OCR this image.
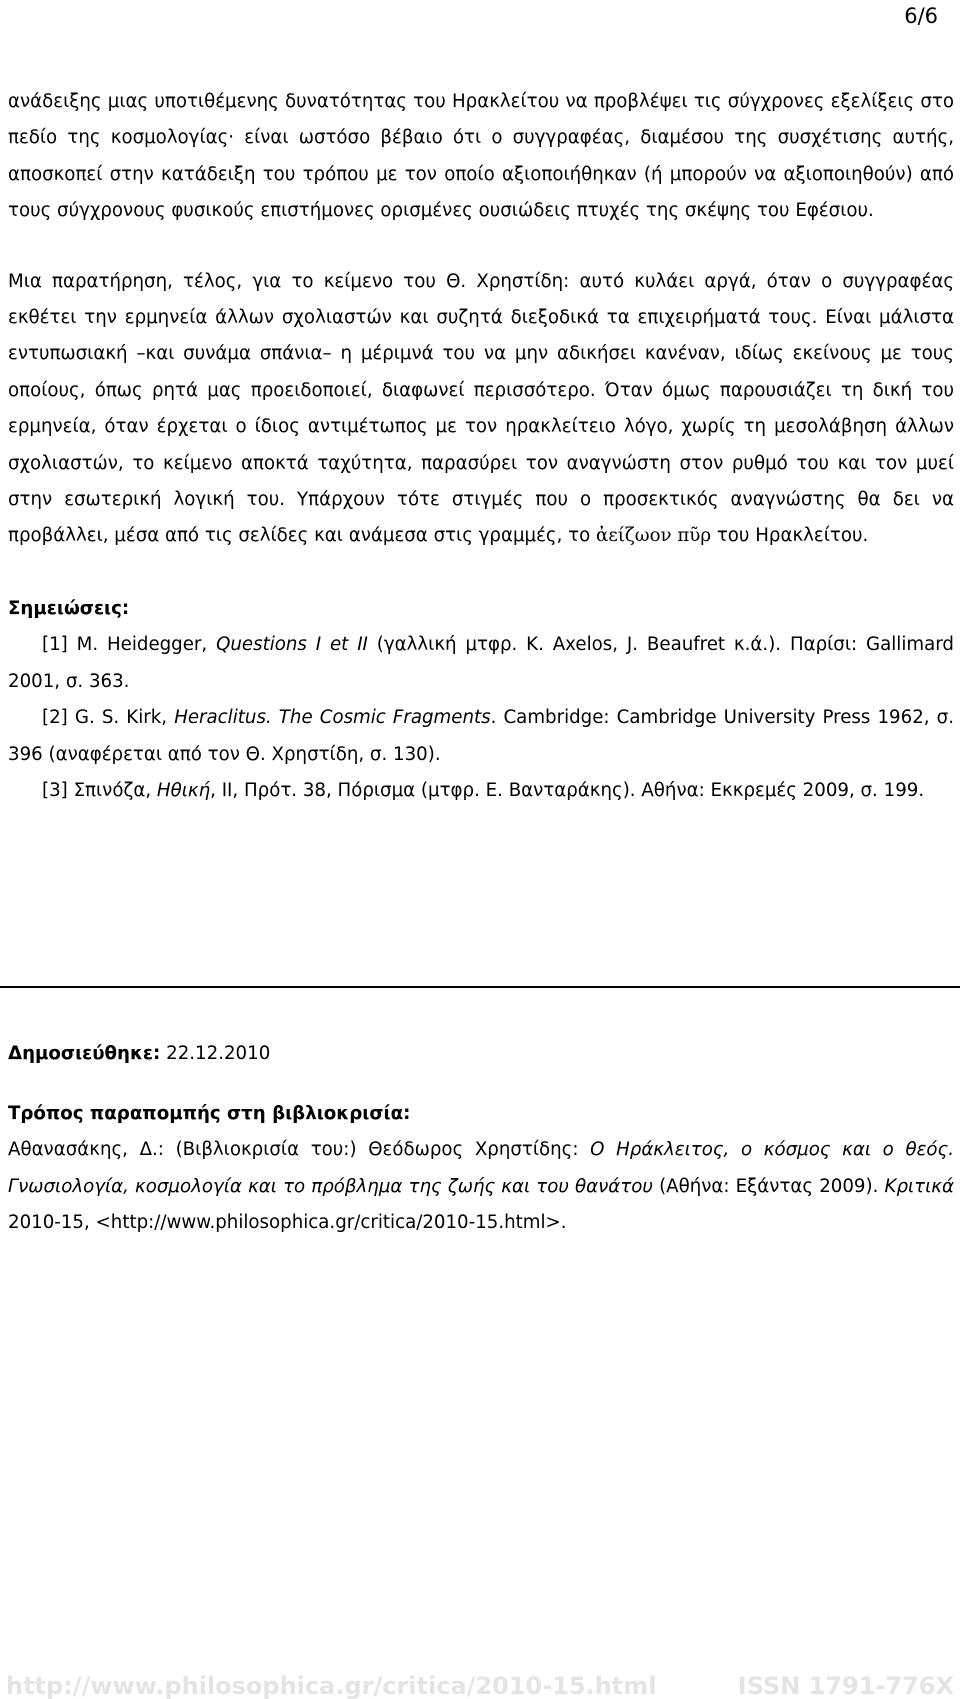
6/6

ανάδειξης μιας υποτιθέμενης δυνατότητας του Ηρακλείτου να προβλέψει τις σύγχρονες εξελίξεις στο πεδίο της κοσμολογίας· είναι ωστόσο βέβαιο ότι ο συγγραφέας, διαμέσου της συσχέτισης αυτής, αποσκοπεί στην κατάδειξη του τρόπου με τον οποίο αξιοποιήθηκαν (ή μπορούν να αξιοποιηθούν) από τους σύγχρονους φυσικούς επιστήμονες ορισμένες ουσιώδεις πτυχές της σκέψης του Εφέσιου.

Μια παρατήρηση, τέλος, για το κείμενο του Θ. Χρηστίδη: αυτό κυλάει αργά, όταν ο συγγραφέας εκθέτει την ερμηνεία άλλων σχολιαστών και συζητά διεξοδικά τα επιχειρήματά τους. Είναι μάλιστα εντυπωσιακή –και συνάμα σπάνια– η μέριμνά του να μην αδικήσει κανέναν, ιδίως εκείνους με τους οποίους, όπως ρητά μας προειδοποιεί, διαφωνεί περισσότερο. Όταν όμως παρουσιάζει τη δική του ερμηνεία, όταν έρχεται ο ίδιος αντιμέτωπος με τον ηρακλείτειο λόγο, χωρίς τη μεσολάβηση άλλων σχολιαστών, το κείμενο αποκτά ταχύτητα, παρασύρει τον αναγνώστη στον ρυθμό του και τον μυεί στην εσωτερική λογική του. Υπάρχουν τότε στιγμές που ο προσεκτικός αναγνώστης θα δει να προβάλλει, μέσα από τις σελίδες και ανάμεσα στις γραμμές, το ἀείζωον πῦρ του Ηρακλείτου.

Σημειώσεις:

[1] M. Heidegger, Questions I et II (γαλλική μτφρ. K. Axelos, J. Beaufret κ.ά.). Παρίσι: Gallimard 2001, σ. 363.

[2] G. S. Kirk, Heraclitus. The Cosmic Fragments. Cambridge: Cambridge University Press 1962, σ. 396 (αναφέρεται από τον Θ. Χρηστίδη, σ. 130).

[3] Σπινόζα, Ηθική, ΙΙ, Πρότ. 38, Πόρισμα (μτφρ. Ε. Βανταράκης). Αθήνα: Εκκρεμές 2009, σ. 199.

Δημοσιεύθηκε: 22.12.2010
Τρόπος παραπομπής στη βιβλιοκρισία:
Αθανασάκης, Δ.: (Βιβλιοκρισία του:) Θεόδωρος Χρηστίδης: Ο Ηράκλειτος, ο κόσμος και ο θεός. Γνωσιολογία, κοσμολογία και το πρόβλημα της ζωής και του θανάτου (Αθήνα: Εξάντας 2009). Κριτικά 2010-15, <http://www.philosophica.gr/critica/2010-15.html>.
http://www.philosophica.gr/critica/2010-15.html	ISSN 1791-776X
